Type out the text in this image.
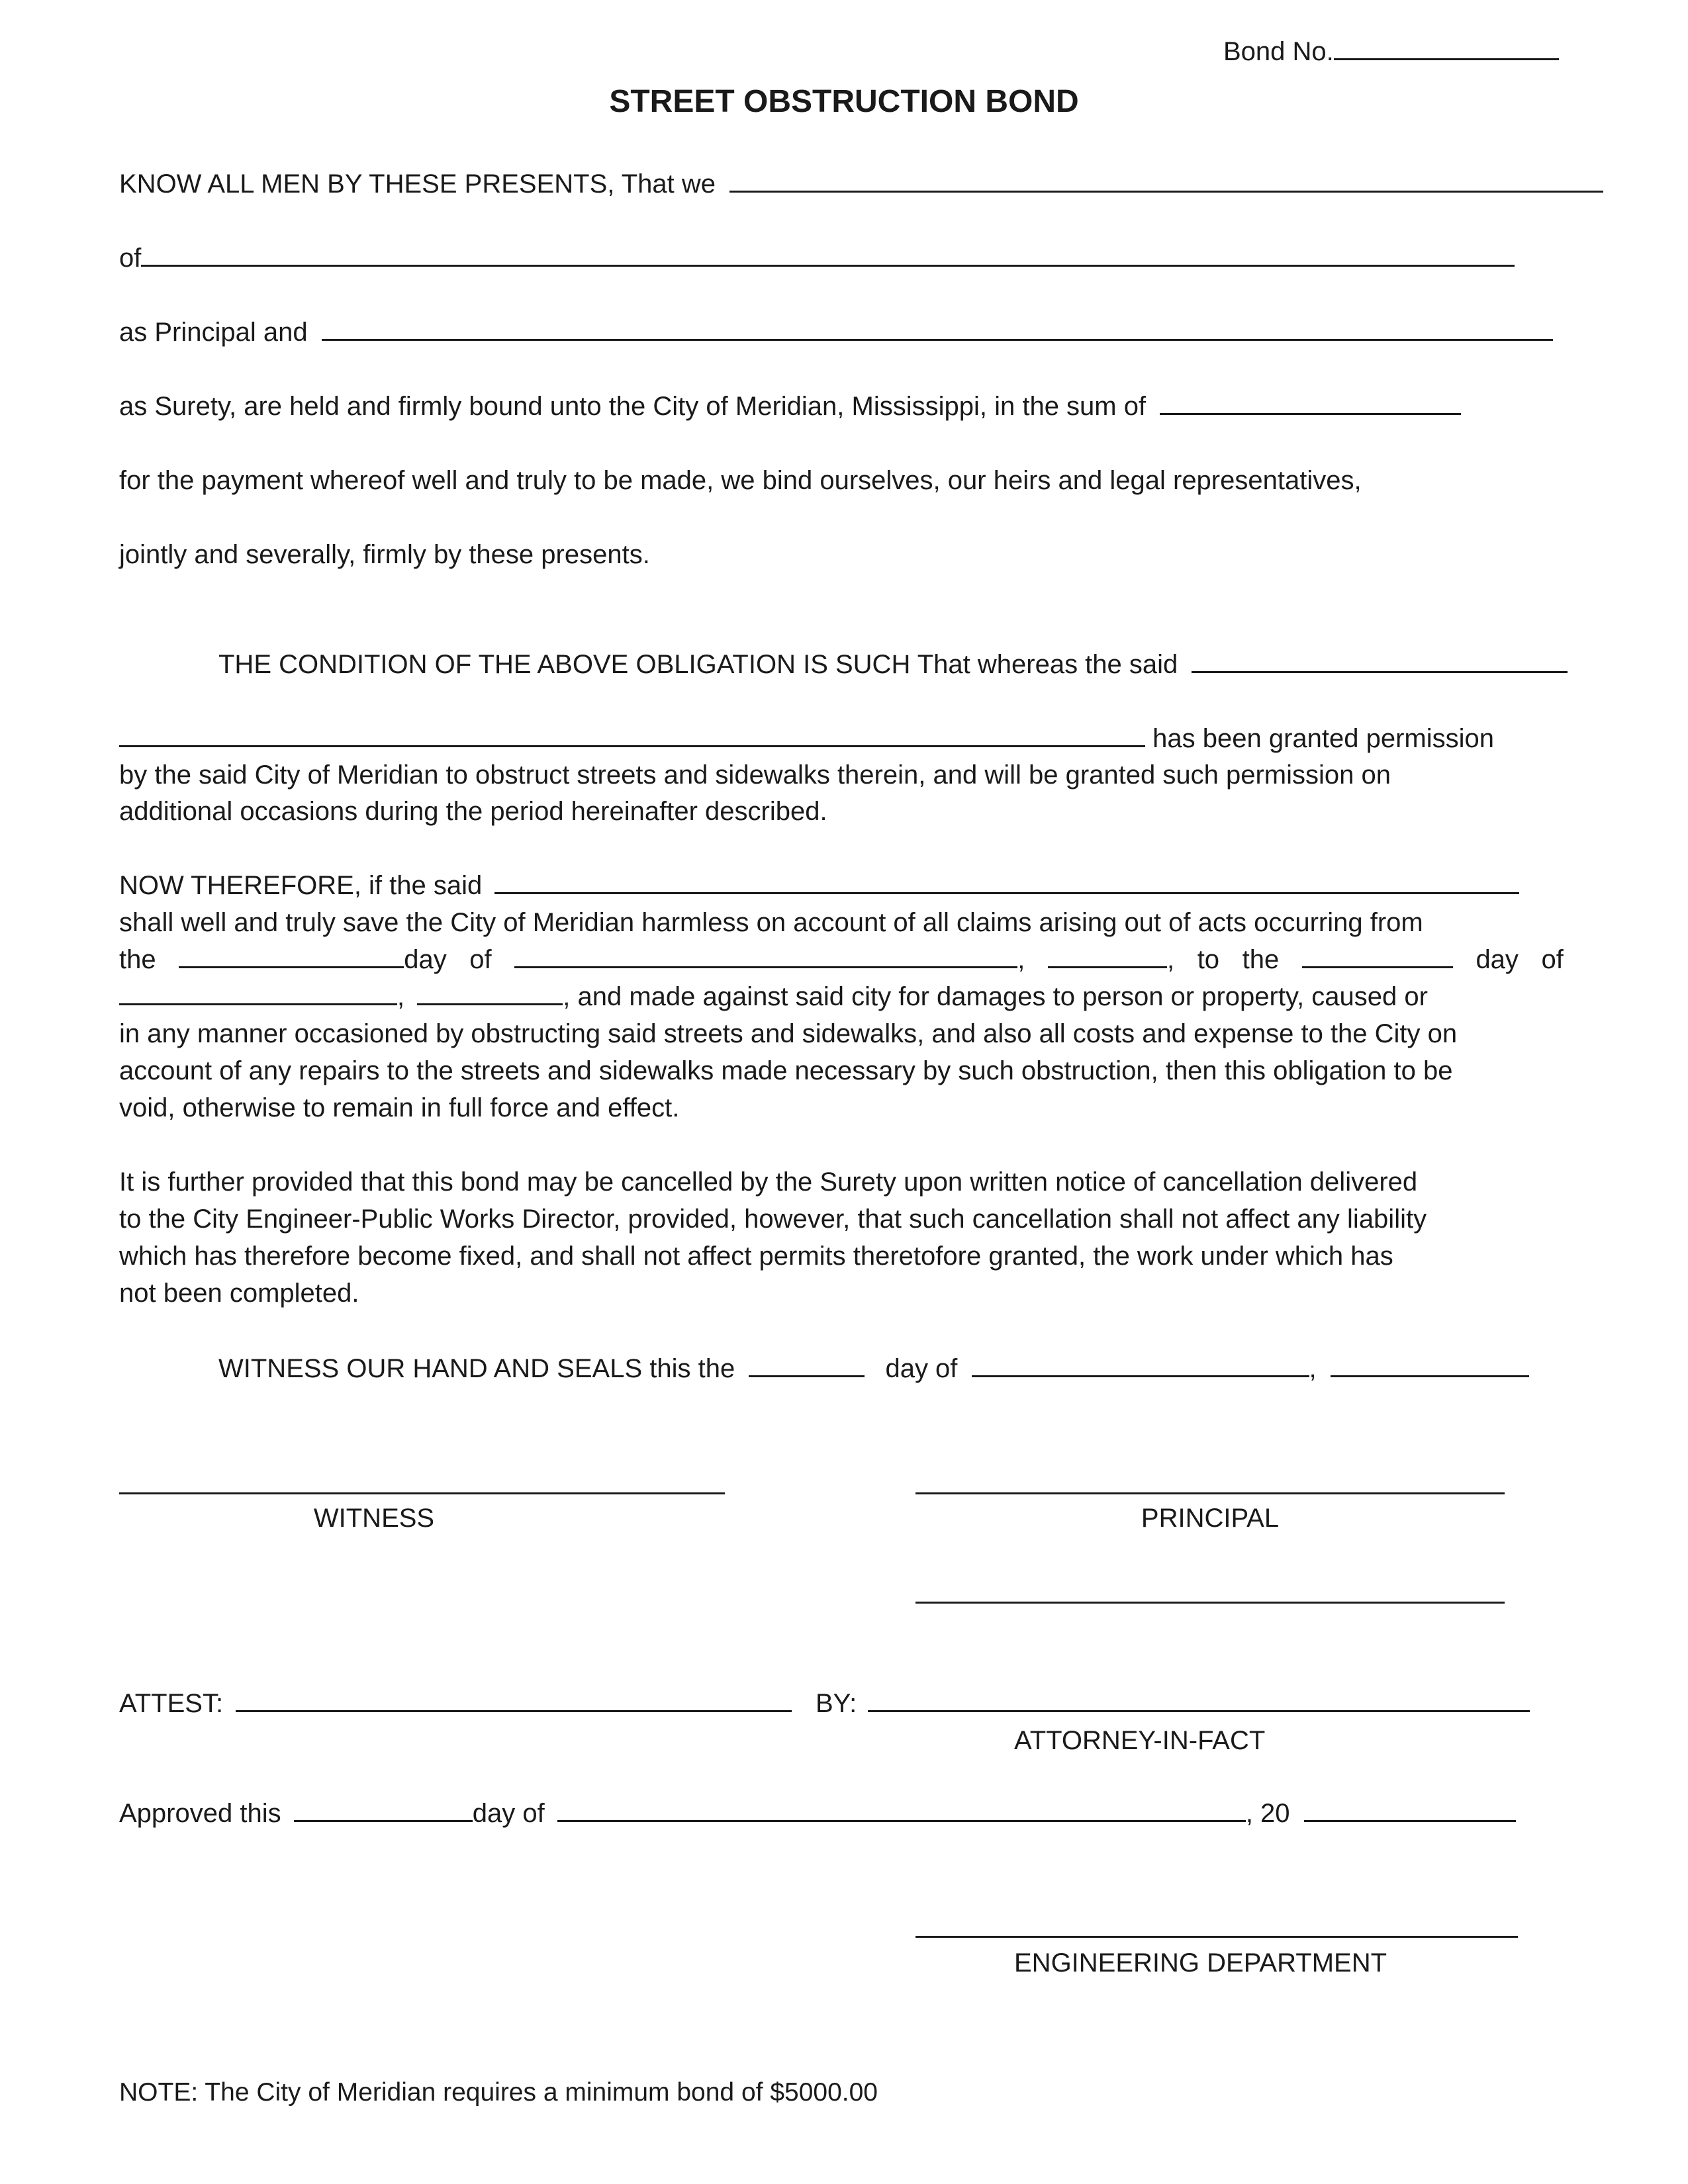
Bond No.
STREET OBSTRUCTION BOND
KNOW ALL MEN BY THESE PRESENTS, That we
of
as Principal and
as Surety, are held and firmly bound unto the City of Meridian, Mississippi, in the sum of
for the payment whereof well and truly to be made, we bind ourselves, our heirs and legal representatives,
jointly and severally, firmly by these presents.
THE CONDITION OF THE ABOVE OBLIGATION IS SUCH That whereas the said
has been granted permission
by the said City of Meridian to obstruct streets and sidewalks therein, and will be granted such permission on
additional occasions during the period hereinafter described.
NOW THEREFORE, if the said
shall well and truly save the City of Meridian harmless on account of all claims arising out of acts occurring from
the	day of	,	, to the	day of
,	, and made against said city for damages to person or property, caused or
in any manner occasioned by obstructing said streets and sidewalks, and also all costs and expense to the City on
account of any repairs to the streets and sidewalks made necessary by such obstruction, then this obligation to be
void, otherwise to remain in full force and effect.
It is further provided that this bond may be cancelled by the Surety upon written notice of cancellation delivered
to the City Engineer-Public Works Director, provided, however, that such cancellation shall not affect any liability
which has therefore become fixed, and shall not affect permits theretofore granted, the work under which has
not been completed.
WITNESS OUR HAND AND SEALS this the	day of	,
WITNESS	PRINCIPAL
ATTEST:	BY:
ATTORNEY-IN-FACT
Approved this	day of	, 20
ENGINEERING DEPARTMENT
NOTE: The City of Meridian requires a minimum bond of $5000.00
